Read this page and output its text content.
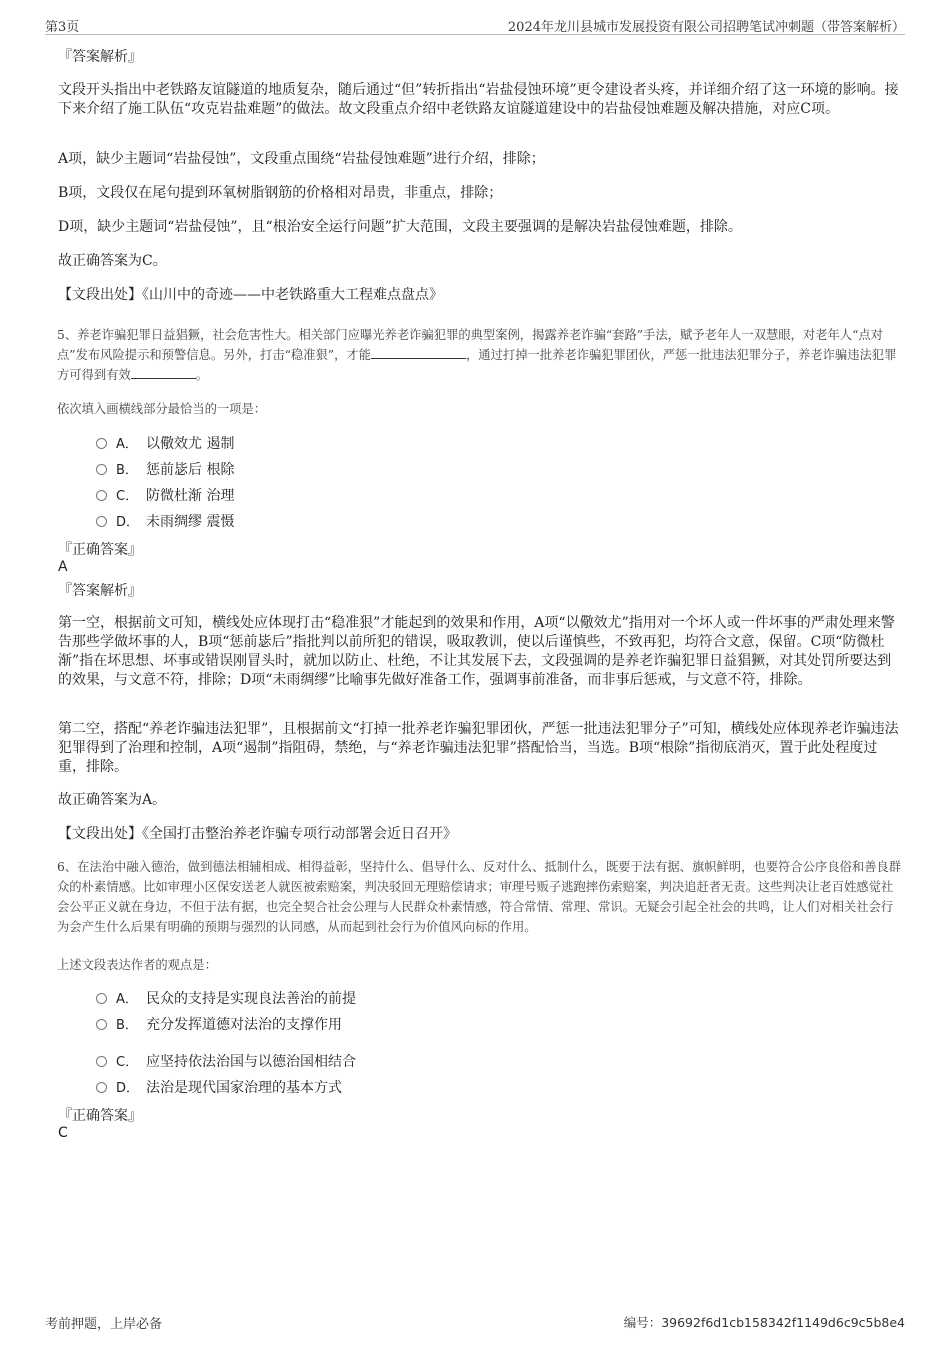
第3页	2024年龙川县城市发展投资有限公司招聘笔试冲刺题（带答案解析）

『答案解析』

文段开头指出中老铁路友谊隧道的地质复杂，随后通过“但”转折指出“岩盐侵蚀环境”更令建设者头疼，并详细介绍了这一环境的影响。接下来介绍了施工队伍“攻克岩盐难题”的做法。故文段重点介绍中老铁路友谊隧道建设中的岩盐侵蚀难题及解决措施，对应C项。

A项，缺少主题词“岩盐侵蚀”，文段重点围绕“岩盐侵蚀难题”进行介绍，排除；

B项，文段仅在尾句提到环氧树脂钢筋的价格相对昂贵，非重点，排除；

D项，缺少主题词“岩盐侵蚀”，且“根治安全运行问题”扩大范围，文段主要强调的是解决岩盐侵蚀难题，排除。

故正确答案为C。

【文段出处】《山川中的奇迹——中老铁路重大工程难点盘点》

5、养老诈骗犯罪日益猖獗，社会危害性大。相关部门应曝光养老诈骗犯罪的典型案例，揭露养老诈骗“套路”手法，赋予老年人一双慧眼，对老年人“点对点”发布风险提示和预警信息。另外，打击“稳准狠”，才能	，通过打掉一批养老诈骗犯罪团伙，严惩一批违法犯罪分子，养老诈骗违法犯罪方可得到有效	。

依次填入画横线部分最恰当的一项是：

A． 以儆效尤 遏制
B． 惩前毖后 根除
C． 防微杜渐 治理
D． 未雨绸缪 震慑

『正确答案』

A

『答案解析』

第一空，根据前文可知，横线处应体现打击“稳准狠”才能起到的效果和作用，A项“以儆效尤”指用对一个坏人或一件坏事的严肃处理来警告那些学做坏事的人，B项“惩前毖后”指批判以前所犯的错误，吸取教训，使以后谨慎些，不致再犯，均符合文意，保留。C项“防微杜渐”指在坏思想、坏事或错误刚冒头时，就加以防止、杜绝，不让其发展下去，文段强调的是养老诈骗犯罪日益猖獗，对其处罚所要达到的效果，与文意不符，排除；D项“未雨绸缪”比喻事先做好准备工作，强调事前准备，而非事后惩戒，与文意不符，排除。

第二空，搭配“养老诈骗违法犯罪”，且根据前文“打掉一批养老诈骗犯罪团伙，严惩一批违法犯罪分子”可知，横线处应体现养老诈骗违法犯罪得到了治理和控制，A项“遏制”指阻碍，禁绝，与“养老诈骗违法犯罪”搭配恰当，当选。B项“根除”指彻底消灭，置于此处程度过重，排除。

故正确答案为A。

【文段出处】《全国打击整治养老诈骗专项行动部署会近日召开》

6、在法治中融入德治，做到德法相辅相成、相得益彰，坚持什么、倡导什么、反对什么、抵制什么，既要于法有据、旗帜鲜明，也要符合公序良俗和善良群众的朴素情感。比如审理小区保安送老人就医被索赔案，判决驳回无理赔偿请求；审理号贩子逃跑摔伤索赔案，判决追赶者无责。这些判决让老百姓感觉社会公平正义就在身边，不但于法有据，也完全契合社会公理与人民群众朴素情感，符合常情、常理、常识。无疑会引起全社会的共鸣，让人们对相关社会行为会产生什么后果有明确的预期与强烈的认同感，从而起到社会行为价值风向标的作用。

上述文段表达作者的观点是：

A． 民众的支持是实现良法善治的前提
B． 充分发挥道德对法治的支撑作用
C． 应坚持依法治国与以德治国相结合
D． 法治是现代国家治理的基本方式

『正确答案』

C
考前押题，上岸必备	编号：39692f6d1cb158342f1149d6c9c5b8e4
